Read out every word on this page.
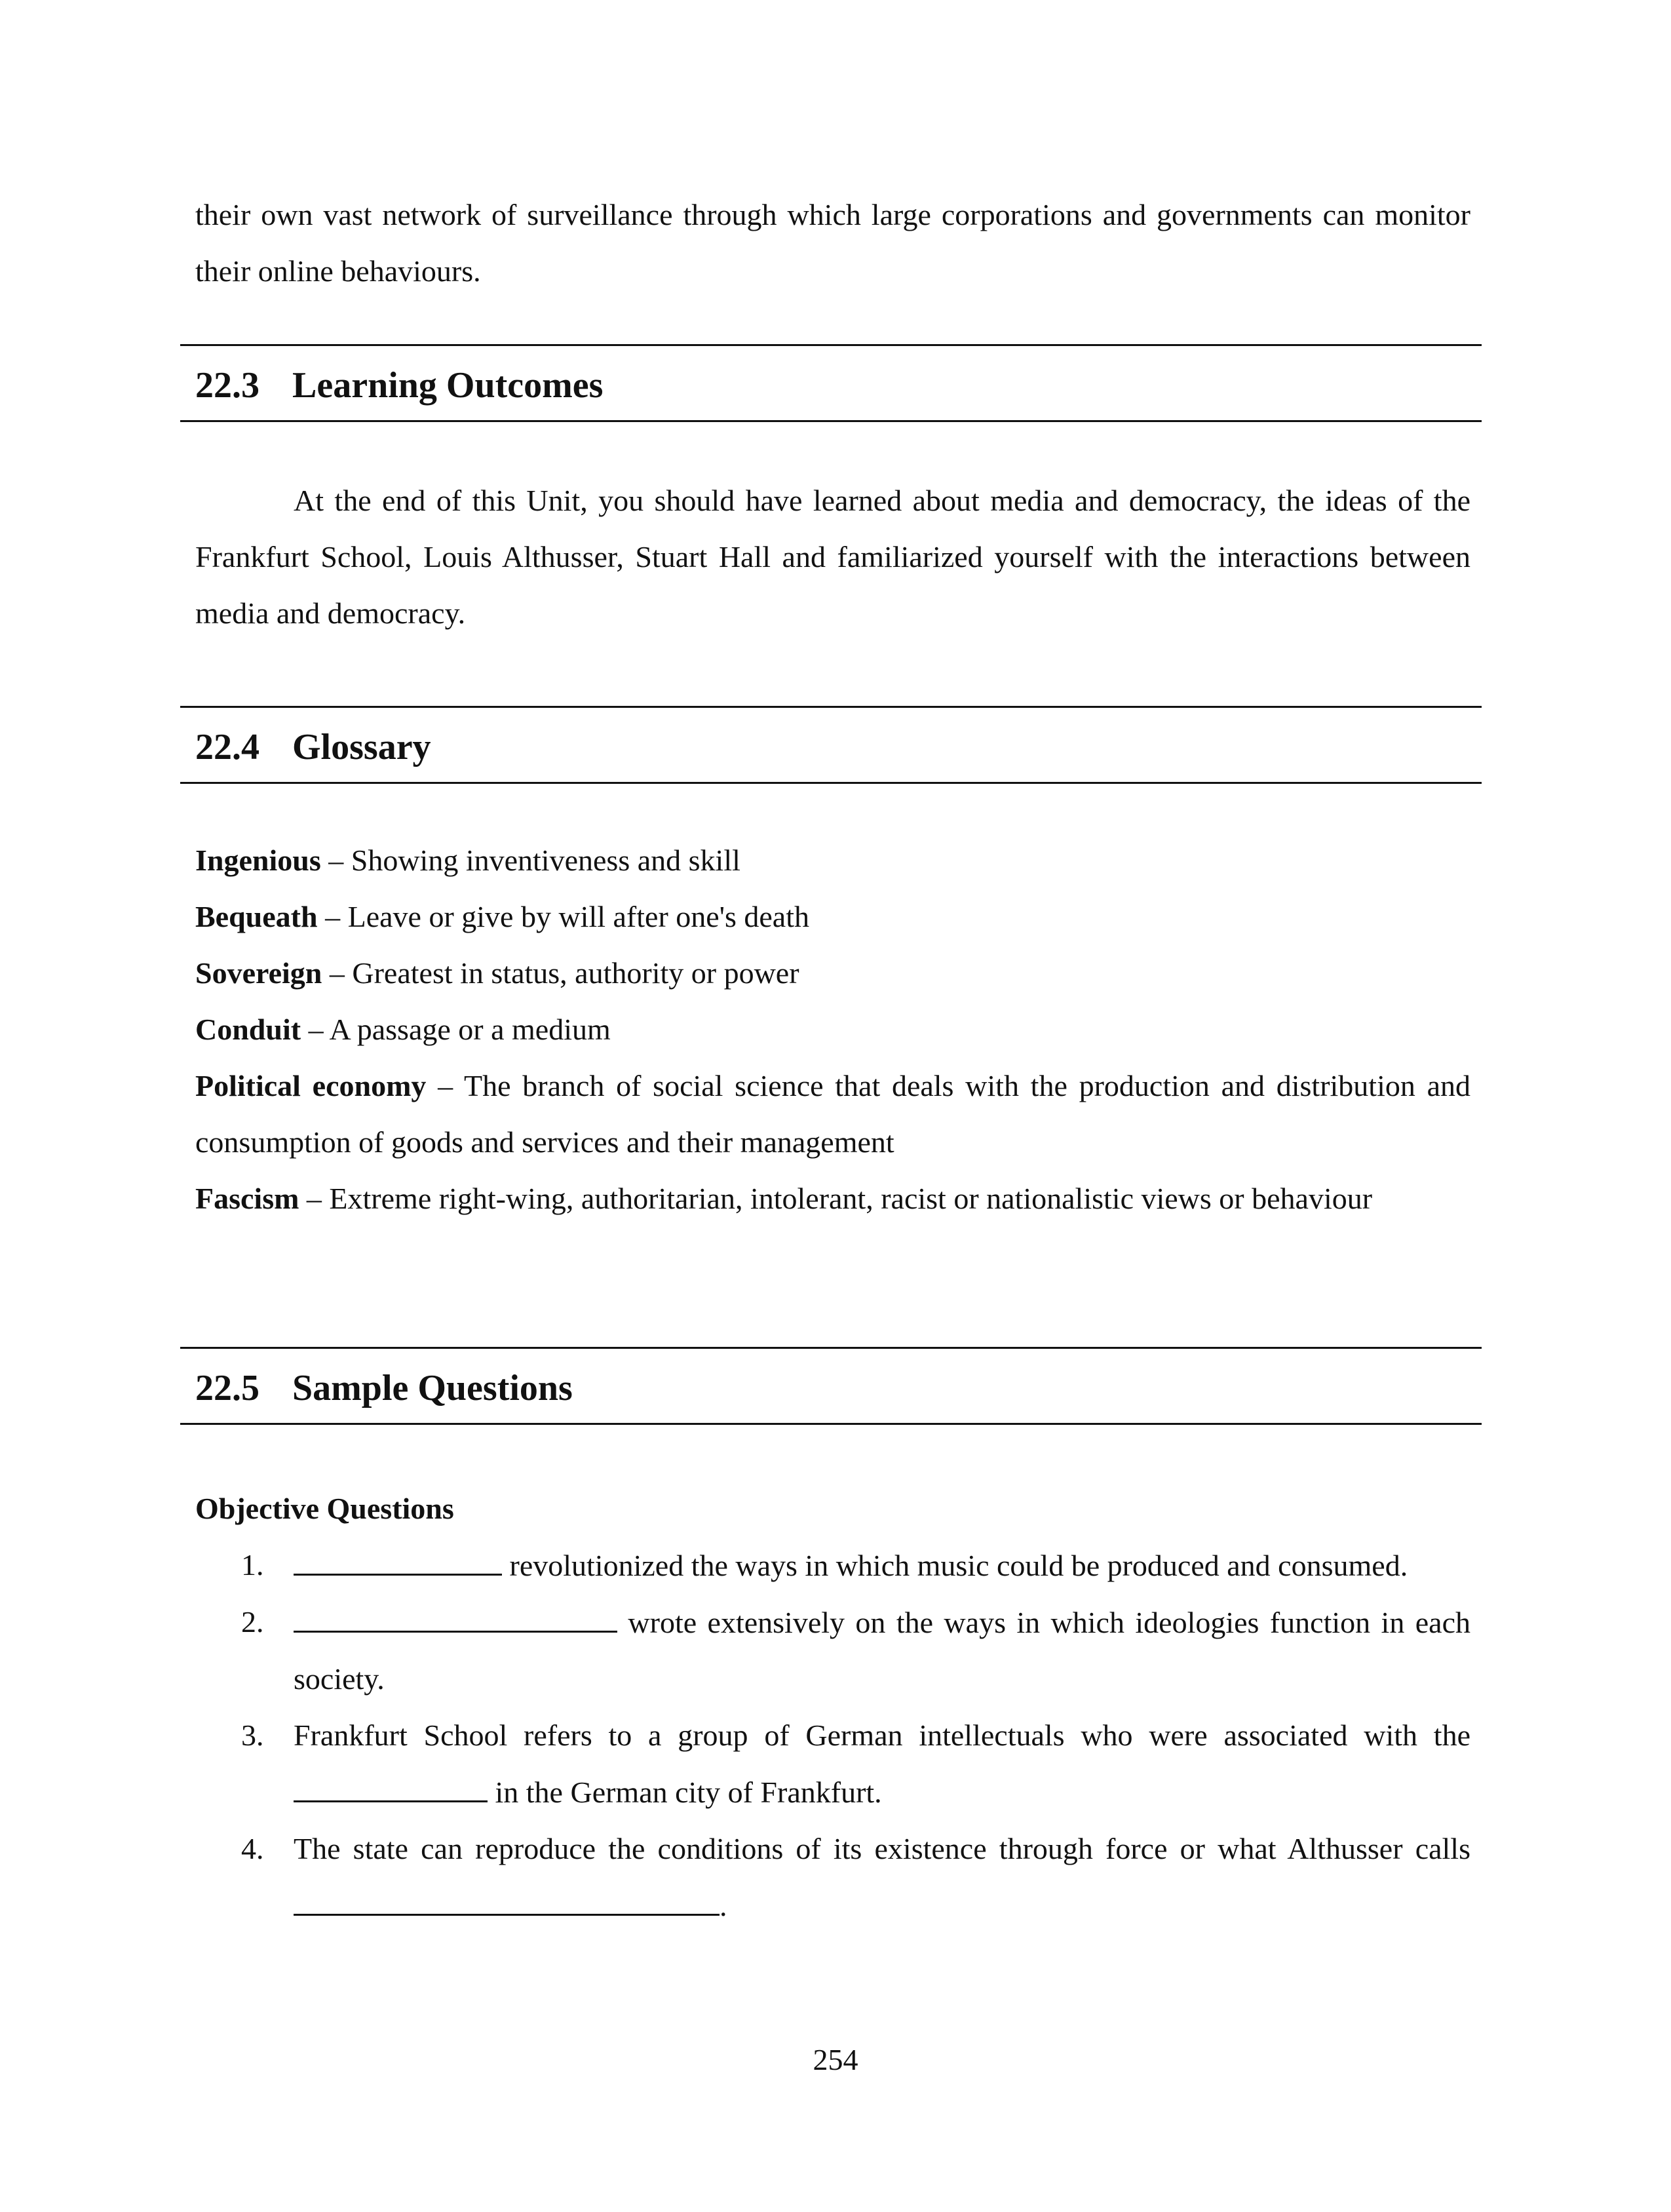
their own vast network of surveillance through which large corporations and governments can monitor their online behaviours.

22.3 Learning Outcomes

At the end of this Unit, you should have learned about media and democracy, the ideas of the Frankfurt School, Louis Althusser, Stuart Hall and familiarized yourself with the interactions between media and democracy.

22.4 Glossary
Ingenious – Showing inventiveness and skill
Bequeath – Leave or give by will after one's death
Sovereign – Greatest in status, authority or power
Conduit – A passage or a medium
Political economy – The branch of social science that deals with the production and distribution and consumption of goods and services and their management
Fascism – Extreme right-wing, authoritarian, intolerant, racist or nationalistic views or behaviour
22.5 Sample Questions
Objective Questions
1.	revolutionized the ways in which music could be produced and consumed.
2.	wrote extensively on the ways in which ideologies function in each society.
3. Frankfurt School refers to a group of German intellectuals who were associated with the  in the German city of Frankfurt.
4. The state can reproduce the conditions of its existence through force or what Althusser calls .
254
